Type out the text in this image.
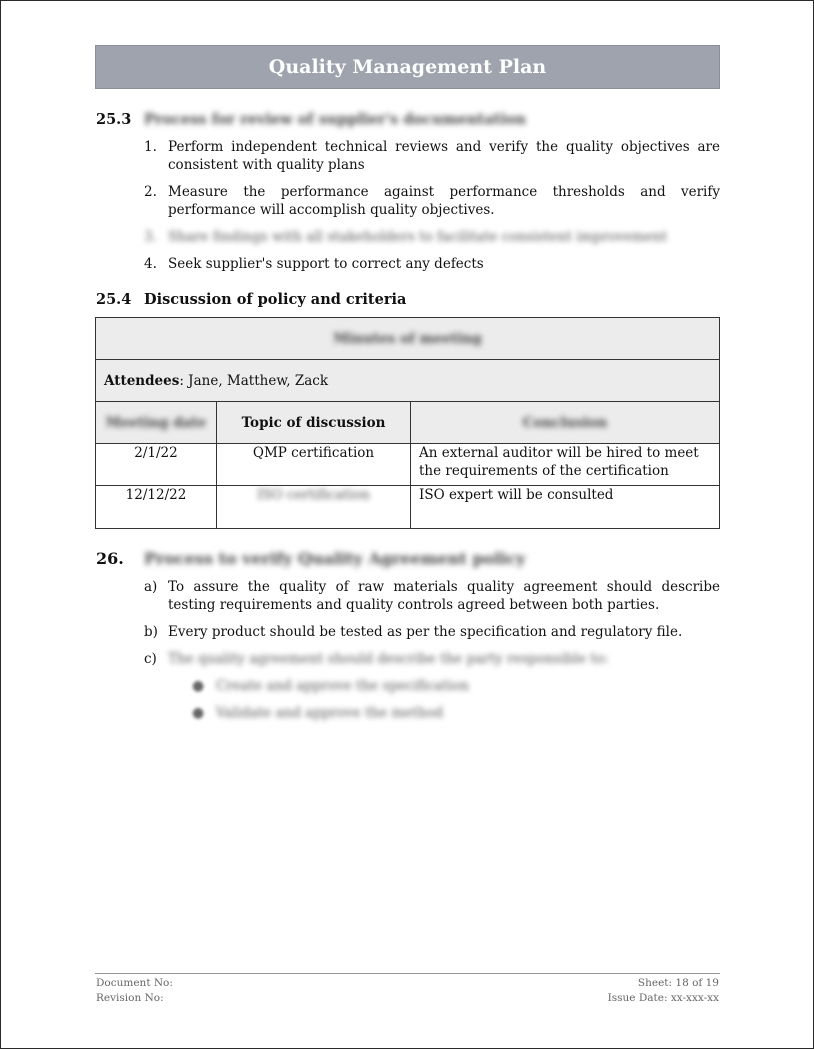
Quality Management Plan
25.3 Process for review of supplier's documentation
1. Perform independent technical reviews and verify the quality objectives are consistent with quality plans
2. Measure the performance against performance thresholds and verify performance will accomplish quality objectives.
3. Share findings with all stakeholders to facilitate consistent improvement
4. Seek supplier's support to correct any defects
25.4 Discussion of policy and criteria
Minutes of meeting		
Attendees: Jane, Matthew, Zack		
Meeting date	Topic of discussion	Conclusion
2/1/22	QMP certification	An external auditor will be hired to meet the requirements of the certification
12/12/22	ISO certification	ISO expert will be consulted
26.	Process to verify Quality Agreement policy
a) To assure the quality of raw materials quality agreement should describe testing requirements and quality controls agreed between both parties.
b) Every product should be tested as per the specification and regulatory file.
c) The quality agreement should describe the party responsible to:
● Create and approve the specification
● Validate and approve the method
Document No:
Revision No:
Sheet: 18 of 19
Issue Date: xx-xxx-xx
